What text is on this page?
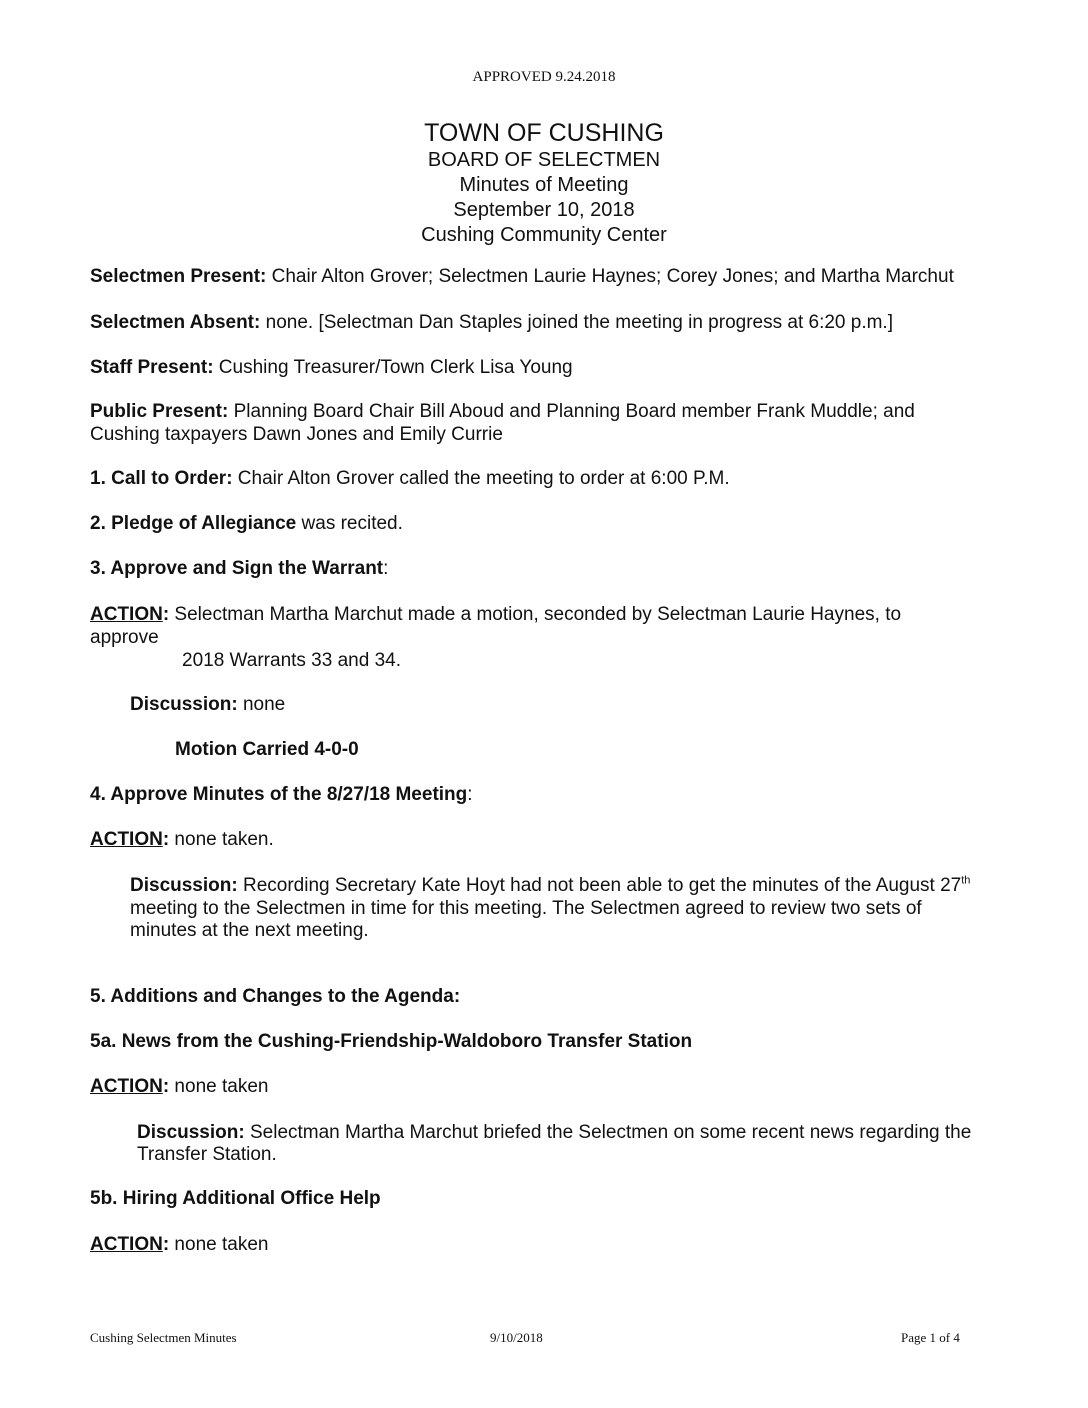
APPROVED 9.24.2018
TOWN OF CUSHING
BOARD OF SELECTMEN
Minutes of Meeting
September 10, 2018
Cushing Community Center
Selectmen Present: Chair Alton Grover; Selectmen Laurie Haynes; Corey Jones; and Martha Marchut
Selectmen Absent: none. [Selectman Dan Staples joined the meeting in progress at 6:20 p.m.]
Staff Present: Cushing Treasurer/Town Clerk Lisa Young
Public Present: Planning Board Chair Bill Aboud and Planning Board member Frank Muddle; and
Cushing taxpayers Dawn Jones and Emily Currie
1. Call to Order: Chair Alton Grover called the meeting to order at 6:00 P.M.
2. Pledge of Allegiance was recited.
3. Approve and Sign the Warrant:
ACTION: Selectman Martha Marchut made a motion, seconded by Selectman Laurie Haynes, to
approve
2018 Warrants 33 and 34.
Discussion: none
Motion Carried 4-0-0
4. Approve Minutes of the 8/27/18 Meeting:
ACTION: none taken.
Discussion: Recording Secretary Kate Hoyt had not been able to get the minutes of the August 27th
meeting to the Selectmen in time for this meeting. The Selectmen agreed to review two sets of
minutes at the next meeting.
5. Additions and Changes to the Agenda:
5a. News from the Cushing-Friendship-Waldoboro Transfer Station
ACTION: none taken
Discussion: Selectman Martha Marchut briefed the Selectmen on some recent news regarding the
Transfer Station.
5b. Hiring Additional Office Help
ACTION: none taken
Cushing Selectmen Minutes	9/10/2018	Page 1 of 4
